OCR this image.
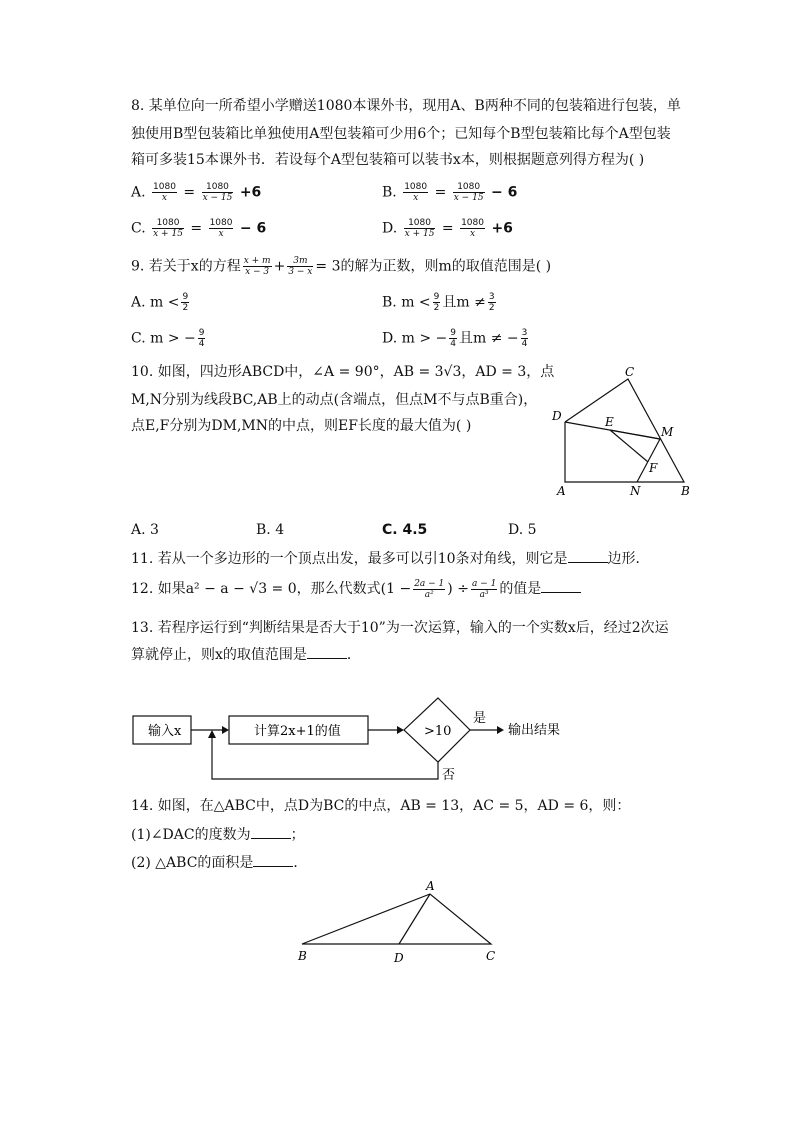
8. 某单位向一所希望小学赠送1080本课外书，现用A、B两种不同的包装箱进行包装，单
独使用B型包装箱比单独使用A型包装箱可少用6个；已知每个B型包装箱比每个A型包装
箱可多装15本课外书．若设每个A型包装箱可以装书x本，则根据题意列得方程为( )
A. $\frac{1080}{x} = \frac{1080}{x - 15} +6$	B. $\frac{1080}{x} = \frac{1080}{x - 15} - 6$
C. $\frac{1080}{x + 15} = \frac{1080}{x} - 6$	D. $\frac{1080}{x + 15} = \frac{1080}{x} +6$
9. 若关于x的方程 $\frac{x + m}{x - 3} + \frac{3m}{3 - x} = 3$的解为正数，则m的取值范围是( )
A. $m < \frac{9}{2}$	B. $m < \frac{9}{2}$ 且$m \ne \frac{3}{2}$
C. m > − $\frac{9}{4}$	D. m > − $\frac{9}{4}$ 且m ≠ − $\frac{3}{4}$
10. 如图，四边形ABCD中，∠A = 90°，AB = 3√3，AD = 3，点
M,N分别为线段BC,AB上的动点(含端点，但点M不与点B重合)，
点E,F分别为DM,MN的中点，则EF长度的最大值为( )
C
D	E
M
F
A	N	B
A. 3	B. 4	C. 4.5	D. 5
11. 若从一个多边形的一个顶点出发，最多可以引10条对角线，则它是	边形．
12. 如果a² − a − √3 = 0，那么代数式($1 - \frac{2a - 1}{\text{a²}}$ ) ÷ $\frac{a - 1}{\text{a³}}$ 的值是
13. 若程序运行到“判断结果是否大于10”为一次运算，输入的一个实数x后，经过2次运
算就停止，则x的取值范围是	．
输入x	计算2x+1的值	>10
是
输出结果
否
14. 如图，在△ABC中，点D为BC的中点，AB = 13，AC = 5，AD = 6，则：
(1)∠DAC的度数为	；
(2) △ABC的面积是	．
A
B	D	C
